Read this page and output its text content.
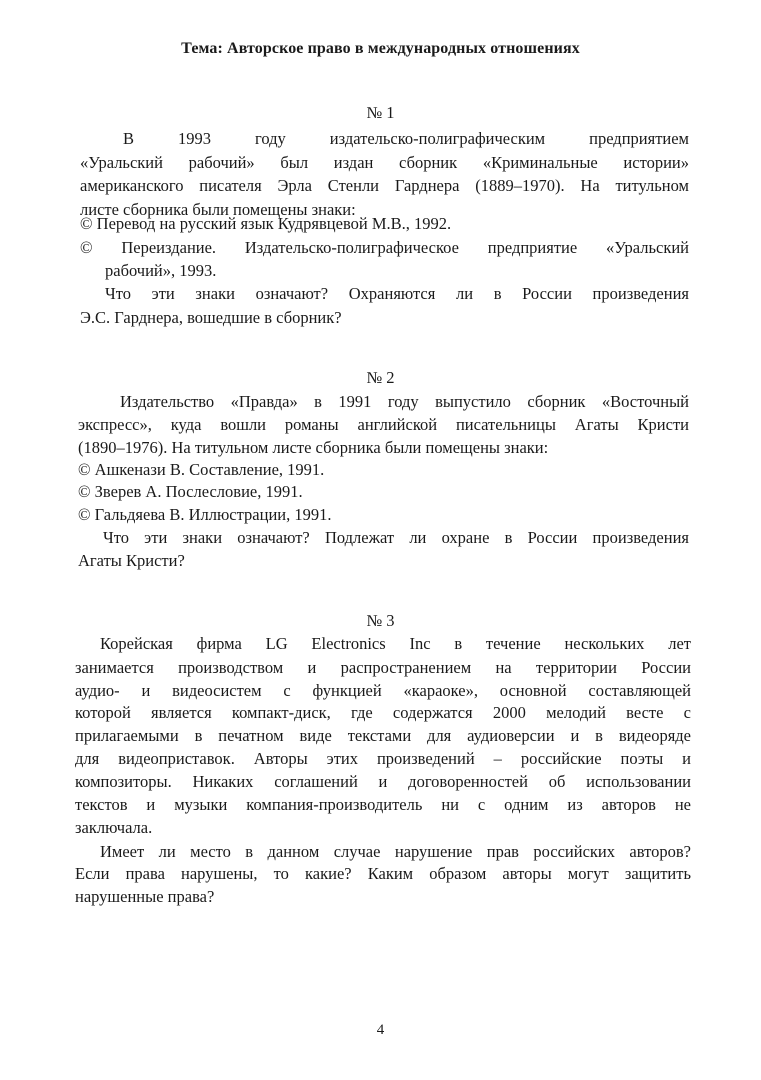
Тема: Авторское право в международных отношениях
№ 1
В 1993 году издательско-полиграфическим предприятием
«Уральский рабочий» был издан сборник «Криминальные истории»
американского писателя Эрла Стенли Гарднера (1889–1970). На титульном
листе сборника были помещены знаки:
© Перевод на русский язык Кудрявцевой М.В., 1992.
© Переиздание. Издательско-полиграфическое предприятие «Уральский
рабочий», 1993.
Что эти знаки означают? Охраняются ли в России произведения
Э.С. Гарднера, вошедшие в сборник?
№ 2
Издательство «Правда» в 1991 году выпустило сборник «Восточный
экспресс», куда вошли романы английской писательницы Агаты Кристи
(1890–1976). На титульном листе сборника были помещены знаки:
© Ашкенази В. Составление, 1991.
© Зверев А. Послесловие, 1991.
© Гальдяева В. Иллюстрации, 1991.
Что эти знаки означают? Подлежат ли охране в России произведения
Агаты Кристи?
№ 3
Корейская фирма LG Electronics Inc в течение нескольких лет
занимается производством и распространением на территории России
аудио- и видеосистем с функцией «караоке», основной составляющей
которой является компакт-диск, где содержатся 2000 мелодий весте с
прилагаемыми в печатном виде текстами для аудиоверсии и в видеоряде
для видеоприставок. Авторы этих произведений – российские поэты и
композиторы. Никаких соглашений и договоренностей об использовании
текстов и музыки компания-производитель ни с одним из авторов не
заключала.
Имеет ли место в данном случае нарушение прав российских авторов?
Если права нарушены, то какие? Каким образом авторы могут защитить
нарушенные права?
4
